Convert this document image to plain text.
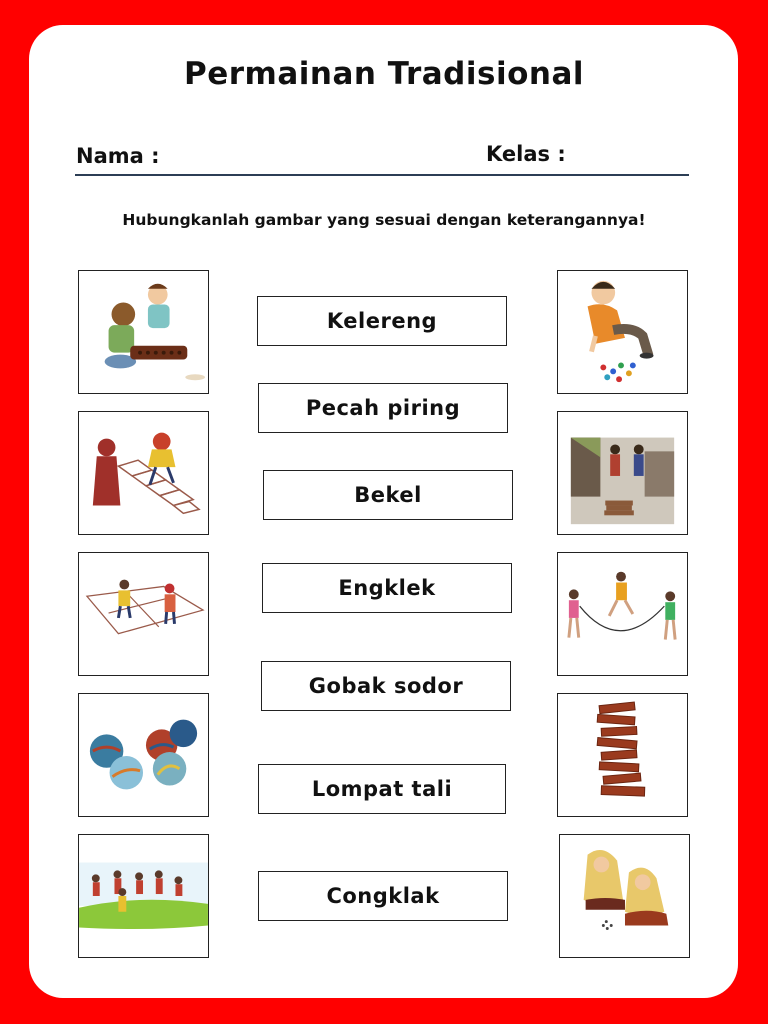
Permainan Tradisional
Nama :	Kelas :
Hubungkanlah gambar yang sesuai dengan keterangannya!
Kelereng
Pecah piring
Bekel
Engklek
Gobak sodor
Lompat tali
Congklak
